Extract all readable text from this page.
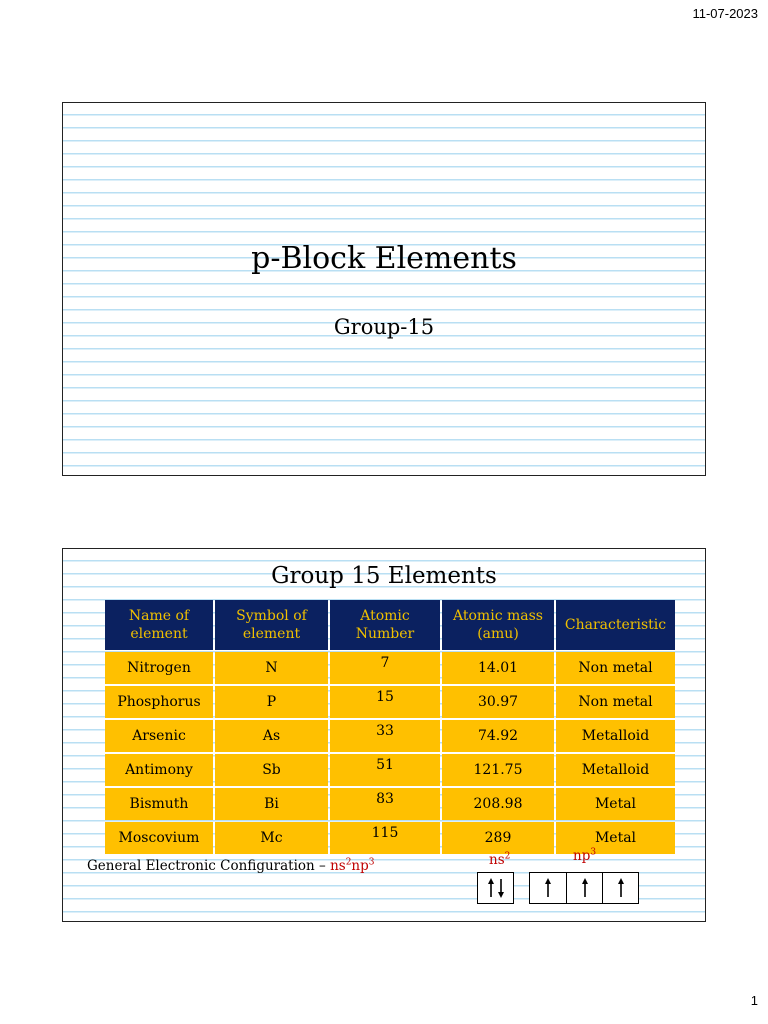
11-07-2023
p-Block Elements
Group-15
Group 15 Elements
Name of element	Symbol of element	Atomic Number	Atomic mass (amu)	Characteristic
Nitrogen	N	7	14.01	Non metal
Phosphorus	P	15	30.97	Non metal
Arsenic	As	33	74.92	Metalloid
Antimony	Sb	51	121.75	Metalloid
Bismuth	Bi	83	208.98	Metal
Moscovium	Mc	115	289	Metal
General Electronic Configuration – $ns^2np^3$	$ns^2$	$np^3$
1
